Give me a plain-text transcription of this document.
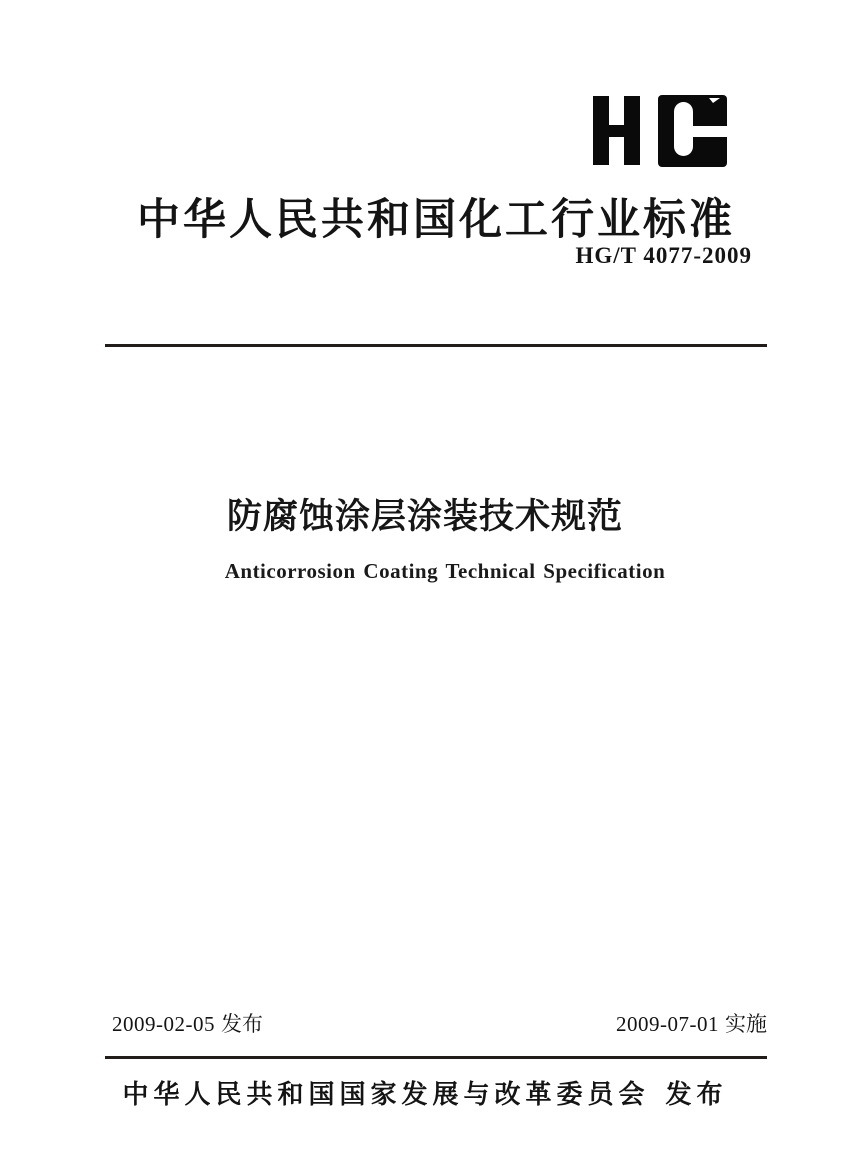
中华人民共和国化工行业标准
HG/T 4077-2009
防腐蚀涂层涂装技术规范
Anticorrosion Coating Technical Specification
2009-02-05 发布	2009-07-01 实施
中华人民共和国国家发展与改革委员会 发布
